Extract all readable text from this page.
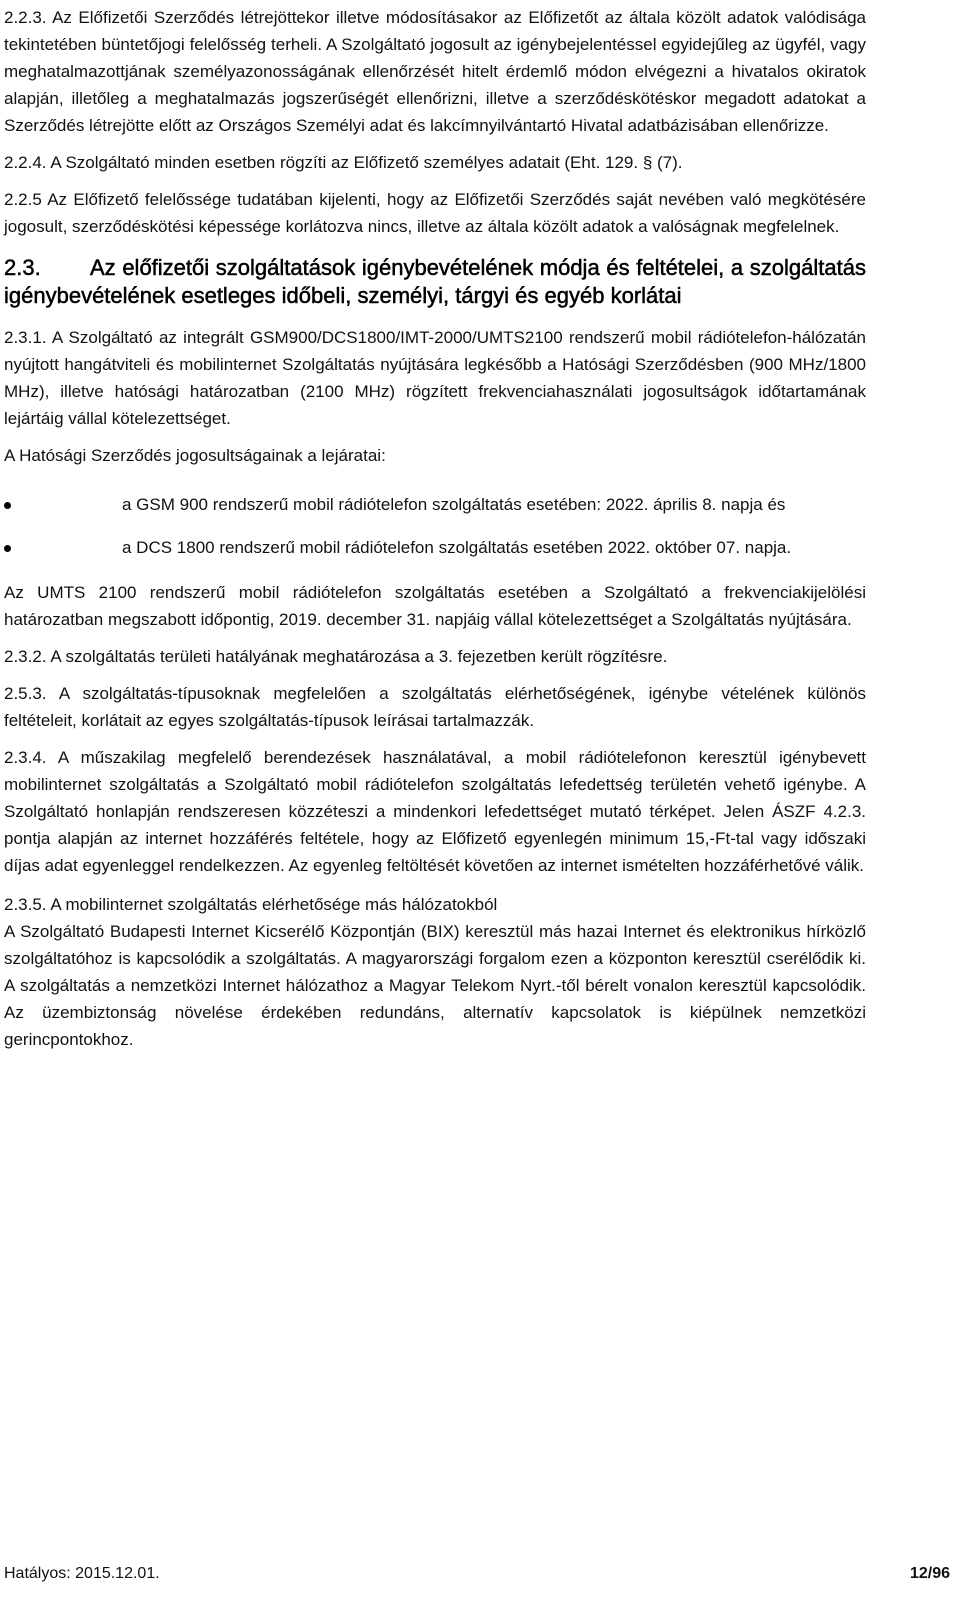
2.2.3. Az Előfizetői Szerződés létrejöttekor illetve módosításakor az Előfizetőt az általa közölt adatok valódisága tekintetében büntetőjogi felelősség terheli. A Szolgáltató jogosult az igénybejelentéssel egyidejűleg az ügyfél, vagy meghatalmazottjának személyazonosságának ellenőrzését hitelt érdemlő módon elvégezni a hivatalos okiratok alapján, illetőleg a meghatalmazás jogszerűségét ellenőrizni, illetve a szerződéskötéskor megadott adatokat a Szerződés létrejötte előtt az Országos Személyi adat és lakcímnyilvántartó Hivatal adatbázisában ellenőrizze.

2.2.4. A Szolgáltató minden esetben rögzíti az Előfizető személyes adatait (Eht. 129. § (7).

2.2.5 Az Előfizető felelőssége tudatában kijelenti, hogy az Előfizetői Szerződés saját nevében való megkötésére jogosult, szerződéskötési képessége korlátozva nincs, illetve az általa közölt adatok a valóságnak megfelelnek.

2.3. Az előfizetői szolgáltatások igénybevételének módja és feltételei, a szolgáltatás igénybevételének esetleges időbeli, személyi, tárgyi és egyéb korlátai

2.3.1. A Szolgáltató az integrált GSM900/DCS1800/IMT-2000/UMTS2100 rendszerű mobil rádiótelefon-hálózatán nyújtott hangátviteli és mobilinternet Szolgáltatás nyújtására legkésőbb a Hatósági Szerződésben (900 MHz/1800 MHz), illetve hatósági határozatban (2100 MHz) rögzített frekvenciahasználati jogosultságok időtartamának lejártáig vállal kötelezettséget.

A Hatósági Szerződés jogosultságainak a lejáratai:

a GSM 900 rendszerű mobil rádiótelefon szolgáltatás esetében: 2022. április 8. napja és
a DCS 1800 rendszerű mobil rádiótelefon szolgáltatás esetében 2022. október 07. napja.

Az UMTS 2100 rendszerű mobil rádiótelefon szolgáltatás esetében a Szolgáltató a frekvenciakijelölési határozatban megszabott időpontig, 2019. december 31. napjáig vállal kötelezettséget a Szolgáltatás nyújtására.

2.3.2. A szolgáltatás területi hatályának meghatározása a 3. fejezetben került rögzítésre.

2.5.3. A szolgáltatás-típusoknak megfelelően a szolgáltatás elérhetőségének, igénybe vételének különös feltételeit, korlátait az egyes szolgáltatás-típusok leírásai tartalmazzák.

2.3.4. A műszakilag megfelelő berendezések használatával, a mobil rádiótelefonon keresztül igénybevett mobilinternet szolgáltatás a Szolgáltató mobil rádiótelefon szolgáltatás lefedettség területén vehető igénybe. A Szolgáltató honlapján rendszeresen közzéteszi a mindenkori lefedettséget mutató térképet. Jelen ÁSZF 4.2.3. pontja alapján az internet hozzáférés feltétele, hogy az Előfizető egyenlegén minimum 15,-Ft-tal vagy időszaki díjas adat egyenleggel rendelkezzen. Az egyenleg feltöltését követően az internet ismételten hozzáférhetővé válik.

2.3.5. A mobilinternet szolgáltatás elérhetősége más hálózatokból

A Szolgáltató Budapesti Internet Kicserélő Központján (BIX) keresztül más hazai Internet és elektronikus hírközlő szolgáltatóhoz is kapcsolódik a szolgáltatás. A magyarországi forgalom ezen a központon keresztül cserélődik ki. A szolgáltatás a nemzetközi Internet hálózathoz a Magyar Telekom Nyrt.-től bérelt vonalon keresztül kapcsolódik. Az üzembiztonság növelése érdekében redundáns, alternatív kapcsolatok is kiépülnek nemzetközi gerincpontokhoz.

Hatályos: 2015.12.01.	12/96
